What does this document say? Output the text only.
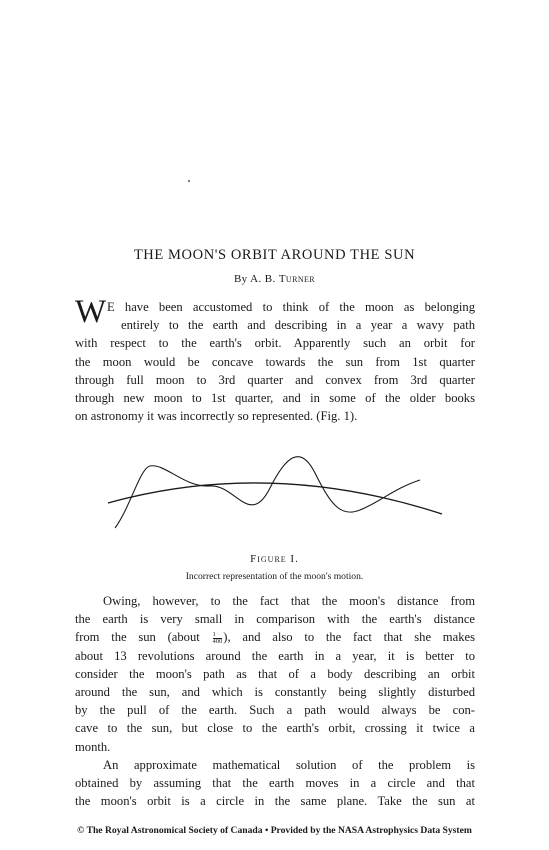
THE MOON'S ORBIT AROUND THE SUN
By A. B. Turner
W E have been accustomed to think of the moon as belonging
entirely to the earth and describing in a year a wavy path
with respect to the earth's orbit. Apparently such an orbit for
the moon would be concave towards the sun from 1st quarter
through full moon to 3rd quarter and convex from 3rd quarter
through new moon to 1st quarter, and in some of the older books
on astronomy it was incorrectly so represented. (Fig. 1).
Figure I.
Incorrect representation of the moon's motion.
Owing, however, to the fact that the moon's distance from
the earth is very small in comparison with the earth's distance
from the sun (about $\frac{1}{400}$ ), and also to the fact that she makes
about 13 revolutions around the earth in a year, it is better to
consider the moon's path as that of a body describing an orbit
around the sun, and which is constantly being slightly disturbed
by the pull of the earth. Such a path would always be con-
cave to the sun, but close to the earth's orbit, crossing it twice a
month.
An approximate mathematical solution of the problem is
obtained by assuming that the earth moves in a circle and that
the moon's orbit is a circle in the same plane. Take the sun at
© The Royal Astronomical Society of Canada • Provided by the NASA Astrophysics Data System
